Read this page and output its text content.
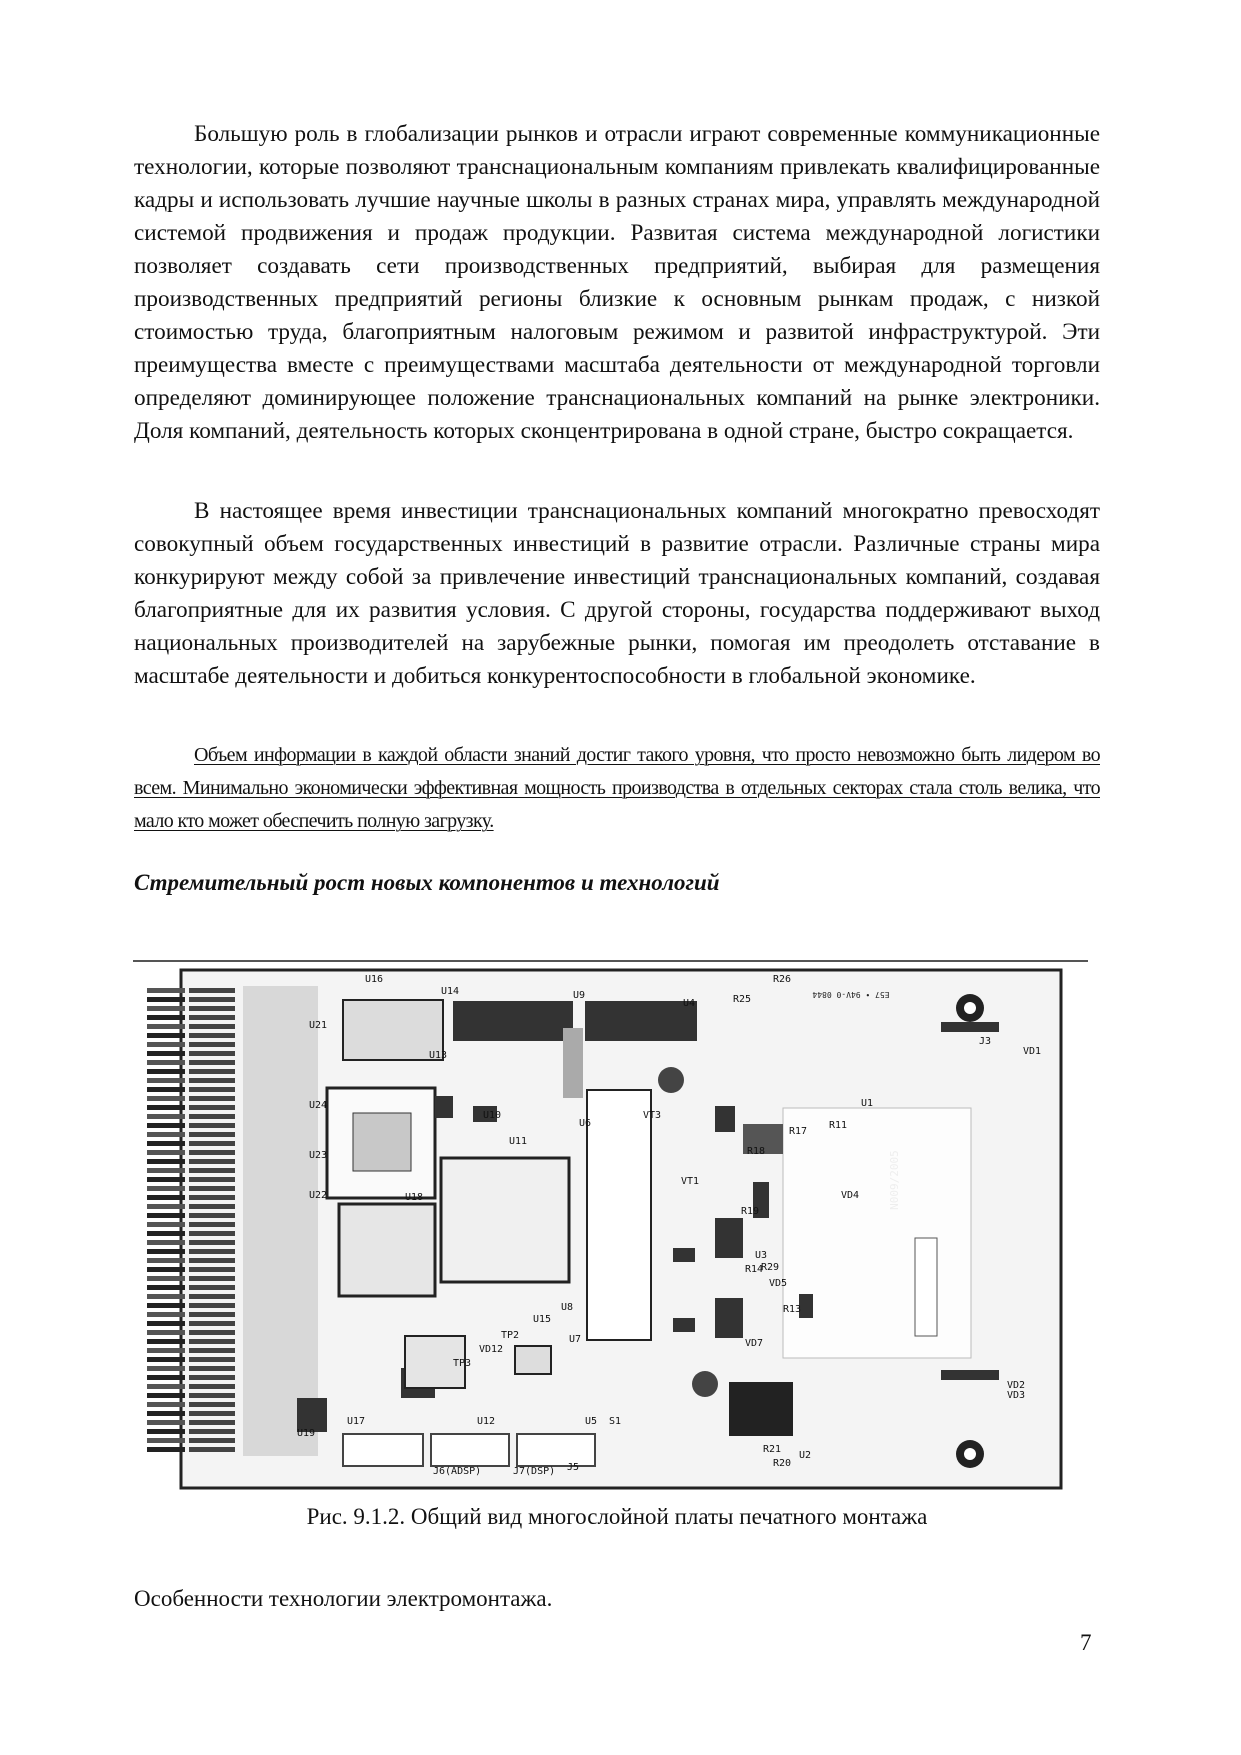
Большую роль в глобализации рынков и отрасли играют современные коммуникационные технологии, которые позволяют транснациональным компаниям привлекать квалифицированные кадры и использовать лучшие научные школы в разных странах мира, управлять международной системой продвижения и продаж продукции. Развитая система международной логистики позволяет создавать сети производственных предприятий, выбирая для размещения производственных предприятий регионы близкие к основным рынкам продаж, с низкой стоимостью труда, благоприятным налоговым режимом и развитой инфраструктурой. Эти преимущества вместе с преимуществами масштаба деятельности от международной торговли определяют доминирующее положение транснациональных компаний на рынке электроники. Доля компаний, деятельность которых сконцентрирована в одной стране, быстро сокращается.

В настоящее время инвестиции транснациональных компаний многократно превосходят совокупный объем государственных инвестиций в развитие отрасли. Различные страны мира конкурируют между собой за привлечение инвестиций транснациональных компаний, создавая благоприятные для их развития условия. С другой стороны, государства поддерживают выход национальных производителей на зарубежные рынки, помогая им преодолеть отставание в масштабе деятельности и добиться конкурентоспособности в глобальной экономике.

Объем информации в каждой области знаний достиг такого уровня, что просто невозможно быть лидером во всем. Минимально экономически эффективная мощность производства в отдельных секторах стала столь велика, что мало кто может обеспечить полную загрузку.

Стремительный рост новых компонентов и технологий
U16
U14	U9
U4
R26
R25
U24
U23
U22
U21
U13
U18
U6
U11
U10	VT3
VT1
U15
U8
U7
TP2
TP3
VD12
U1
U3
R11
R17
R18
R19
R29
R13
R14
VD4
VD5
VD7
J3
VD1
VD2
VD3
U17
U19
U12	U5 S1
J5
J6(ADSP)	J7(DSP)
R21
R20
U2
N009/2005
E57 • 94V-0 0844

Рис. 9.1.2. Общий вид многослойной платы печатного монтажа

Особенности технологии электромонтажа.

7
